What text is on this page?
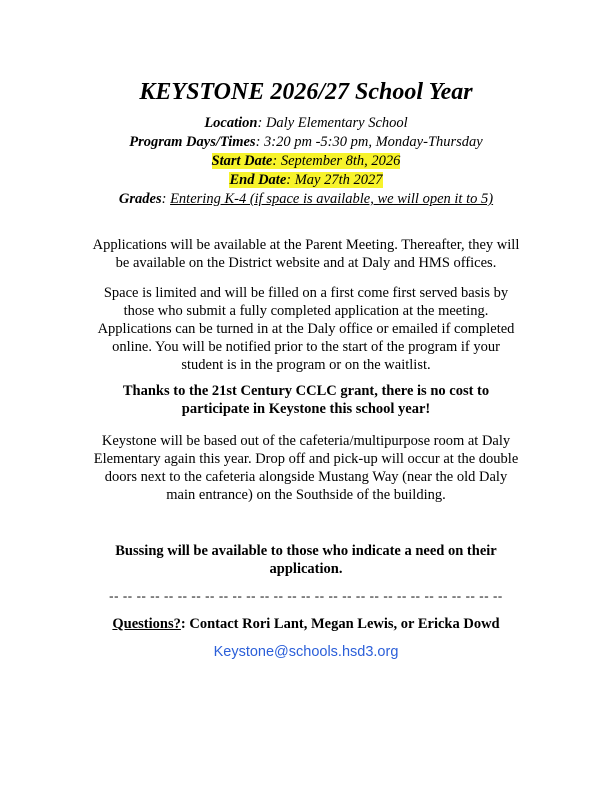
KEYSTONE 2026/27 School Year
Location: Daly Elementary School
Program Days/Times: 3:20 pm -5:30 pm, Monday-Thursday
Start Date: September 8th, 2026
End Date: May 27th 2027
Grades: Entering K-4 (if space is available, we will open it to 5)

Applications will be available at the Parent Meeting. Thereafter, they will be available on the District website and at Daly and HMS offices.

Space is limited and will be filled on a first come first served basis by those who submit a fully completed application at the meeting. Applications can be turned in at the Daly office or emailed if completed online. You will be notified prior to the start of the program if your student is in the program or on the waitlist.

Thanks to the 21st Century CCLC grant, there is no cost to participate in Keystone this school year!

Keystone will be based out of the cafeteria/multipurpose room at Daly Elementary again this year. Drop off and pick-up will occur at the double doors next to the cafeteria alongside Mustang Way (near the old Daly main entrance) on the Southside of the building.

Bussing will be available to those who indicate a need on their application.

-- -- -- -- -- -- -- -- -- -- -- -- -- -- -- -- -- -- -- -- -- -- -- -- -- -- -- -- --
Questions?: Contact Rori Lant, Megan Lewis, or Ericka Dowd
Keystone@schools.hsd3.org
